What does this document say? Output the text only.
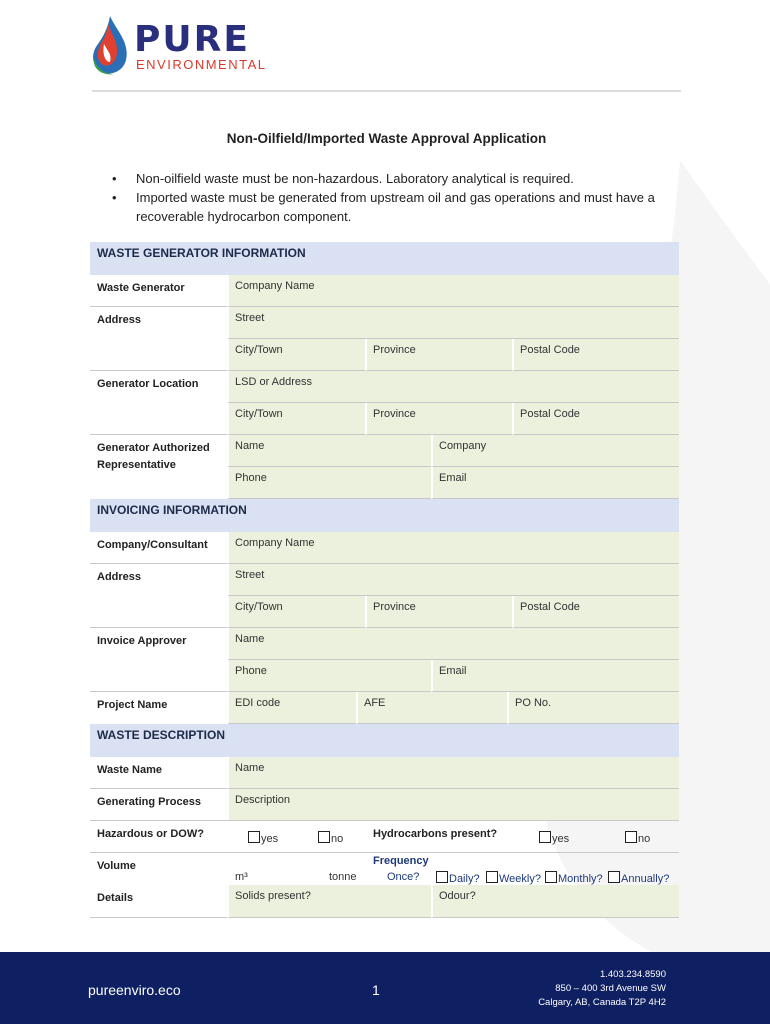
PURE
ENVIRONMENTAL
Non-Oilfield/Imported Waste Approval Application
• Non-oilfield waste must be non-hazardous. Laboratory analytical is required.
• Imported waste must be generated from upstream oil and gas operations and must have a recoverable hydrocarbon component.
WASTE GENERATOR INFORMATION
Waste Generator	Company Name
Address	Street
City/Town	Province	Postal Code
Generator Location	LSD or Address
City/Town	Province	Postal Code
Generator Authorized Representative
Name	Company
Phone	Email
INVOICING INFORMATION
Company/Consultant	Company Name
Address	Street
City/Town	Province	Postal Code
Invoice Approver	Name
Phone	Email
Project Name	EDI code	AFE	PO No.
WASTE DESCRIPTION
Waste Name	Name
Generating Process	Description
Hazardous or DOW?	yes	no	Hydrocarbons present?	yes	no
Volume
m³	tonne
Frequency
Once?	Daily?	Weekly?	Monthly?	Annually?
Details	Solids present?	Odour?
pureenviro.eco	1
1.403.234.8590
850 – 400 3rd Avenue SW
Calgary, AB, Canada T2P 4H2
